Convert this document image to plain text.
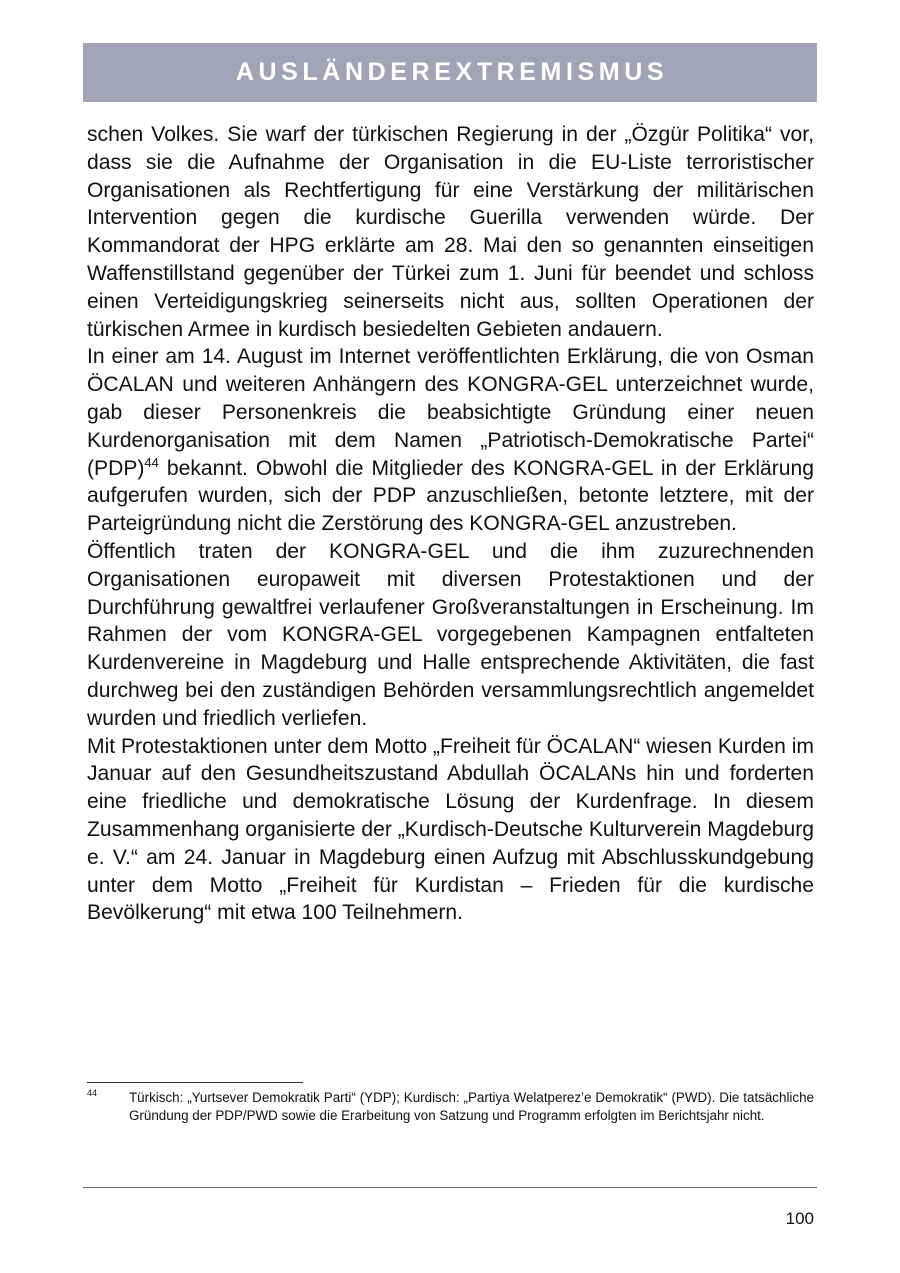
AUSLÄNDEREXTREMISMUS

schen Volkes. Sie warf der türkischen Regierung in der „Özgür Politika“ vor, dass sie die Aufnahme der Organisation in die EU-Liste terroristischer Organisationen als Rechtfertigung für eine Verstärkung der militärischen Intervention gegen die kurdische Guerilla verwenden würde. Der Kommandorat der HPG erklärte am 28. Mai den so genannten einseitigen Waffenstillstand gegenüber der Türkei zum 1. Juni für beendet und schloss einen Verteidigungskrieg seinerseits nicht aus, sollten Operationen der türkischen Armee in kurdisch besiedelten Gebieten andauern.

In einer am 14. August im Internet veröffentlichten Erklärung, die von Osman ÖCALAN und weiteren Anhängern des KONGRA-GEL unterzeichnet wurde, gab dieser Personenkreis die beabsichtigte Gründung einer neuen Kurdenorganisation mit dem Namen „Patriotisch-Demokratische Partei“ (PDP)$^{44}$ bekannt. Obwohl die Mitglieder des KONGRA-GEL in der Erklärung aufgerufen wurden, sich der PDP anzuschließen, betonte letztere, mit der Parteigründung nicht die Zerstörung des KONGRA-GEL anzustreben.

Öffentlich traten der KONGRA-GEL und die ihm zuzurechnenden Organisationen europaweit mit diversen Protestaktionen und der Durchführung gewaltfrei verlaufener Großveranstaltungen in Erscheinung. Im Rahmen der vom KONGRA-GEL vorgegebenen Kampagnen entfalteten Kurdenvereine in Magdeburg und Halle entsprechende Aktivitäten, die fast durchweg bei den zuständigen Behörden versammlungsrechtlich angemeldet wurden und friedlich verliefen.

Mit Protestaktionen unter dem Motto „Freiheit für ÖCALAN“ wiesen Kurden im Januar auf den Gesundheitszustand Abdullah ÖCALANs hin und forderten eine friedliche und demokratische Lösung der Kurdenfrage. In diesem Zusammenhang organisierte der „Kurdisch-Deutsche Kulturverein Magdeburg e. V.“ am 24. Januar in Magdeburg einen Aufzug mit Abschlusskundgebung unter dem Motto „Freiheit für Kurdistan – Frieden für die kurdische Bevölkerung“ mit etwa 100 Teilnehmern.

44 Türkisch: „Yurtsever Demokratik Parti“ (YDP); Kurdisch: „Partiya Welatperez’e Demokratik“ (PWD). Die tatsächliche Gründung der PDP/PWD sowie die Erarbeitung von Satzung und Programm erfolgten im Berichtsjahr nicht.
100
